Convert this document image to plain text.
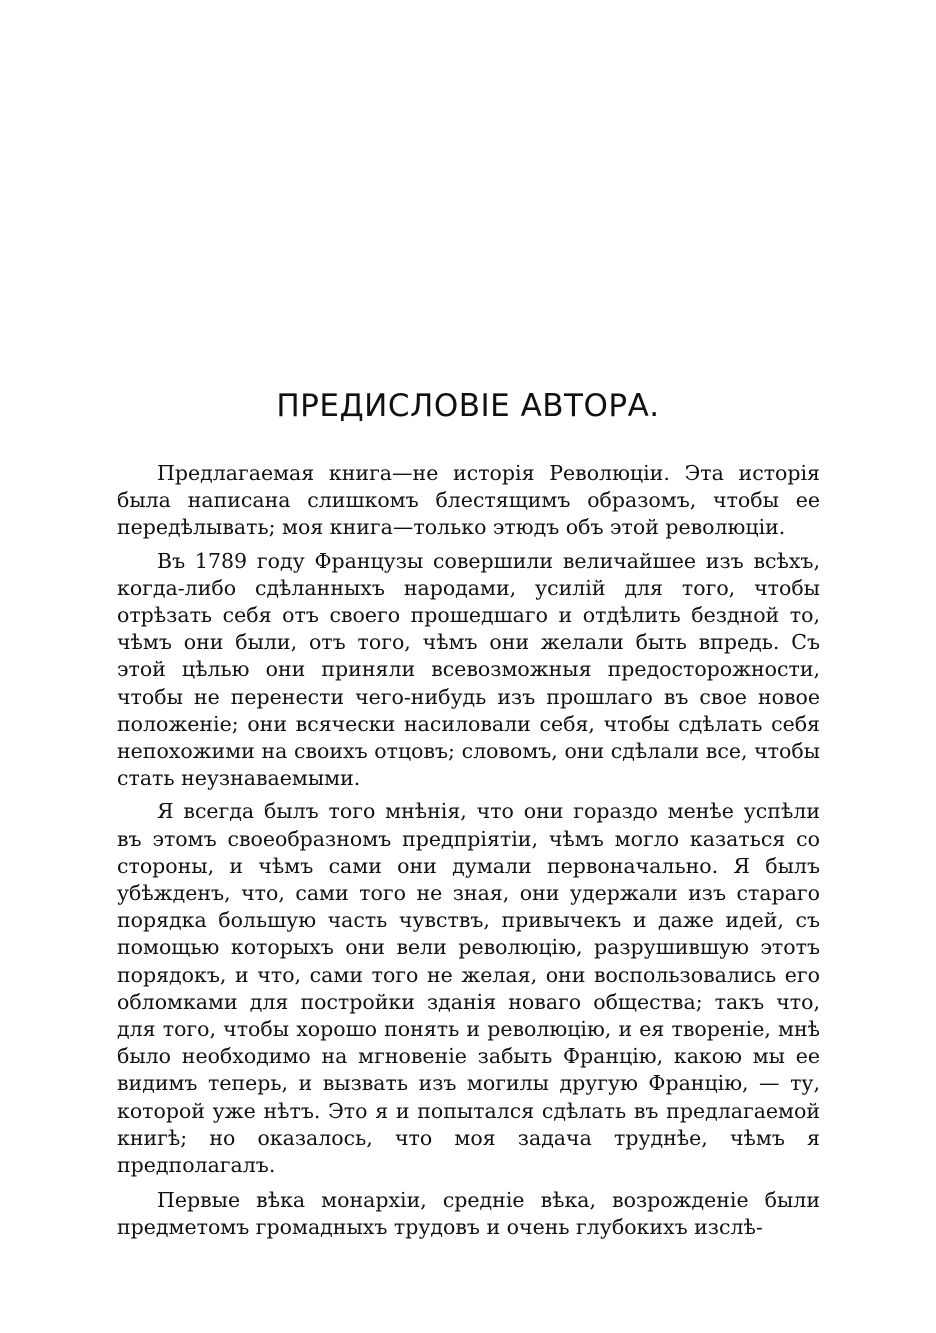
ПРЕДИСЛОВІЕ АВТОРА.

Предлагаемая книга—не исторія Революціи. Эта исторія была написана слишкомъ блестящимъ образомъ, чтобы ее передѣлывать; моя книга—только этюдъ объ этой революціи.

Въ 1789 году Французы совершили величайшее изъ всѣхъ, когда-либо сдѣланныхъ народами, усилій для того, чтобы отрѣзать себя отъ своего прошедшаго и отдѣлить бездной то, чѣмъ они были, отъ того, чѣмъ они желали быть впредь. Съ этой цѣлью они приняли всевозможныя предосторожности, чтобы не перенести чего-нибудь изъ прошлаго въ свое новое положеніе; они всячески насиловали себя, чтобы сдѣлать себя непохожими на своихъ отцовъ; словомъ, они сдѣлали все, чтобы стать неузнаваемыми.

Я всегда былъ того мнѣнія, что они гораздо менѣе успѣли въ этомъ своеобразномъ предпріятіи, чѣмъ могло казаться со стороны, и чѣмъ сами они думали первоначально. Я былъ убѣжденъ, что, сами того не зная, они удержали изъ стараго порядка большую часть чувствъ, привычекъ и даже идей, съ помощью которыхъ они вели революцію, разрушившую этотъ порядокъ, и что, сами того не желая, они воспользовались его обломками для постройки зданія новаго общества; такъ что, для того, чтобы хорошо понять и революцію, и ея твореніе, мнѣ было необходимо на мгновеніе забыть Францію, какою мы ее видимъ теперь, и вызвать изъ могилы другую Францію, — ту, которой уже нѣтъ. Это я и попытался сдѣлать въ предлагаемой книгѣ; но оказалось, что моя задача труднѣе, чѣмъ я предполагалъ.

Первые вѣка монархіи, средніе вѣка, возрожденіе были предметомъ громадныхъ трудовъ и очень глубокихъ изслѣ-
